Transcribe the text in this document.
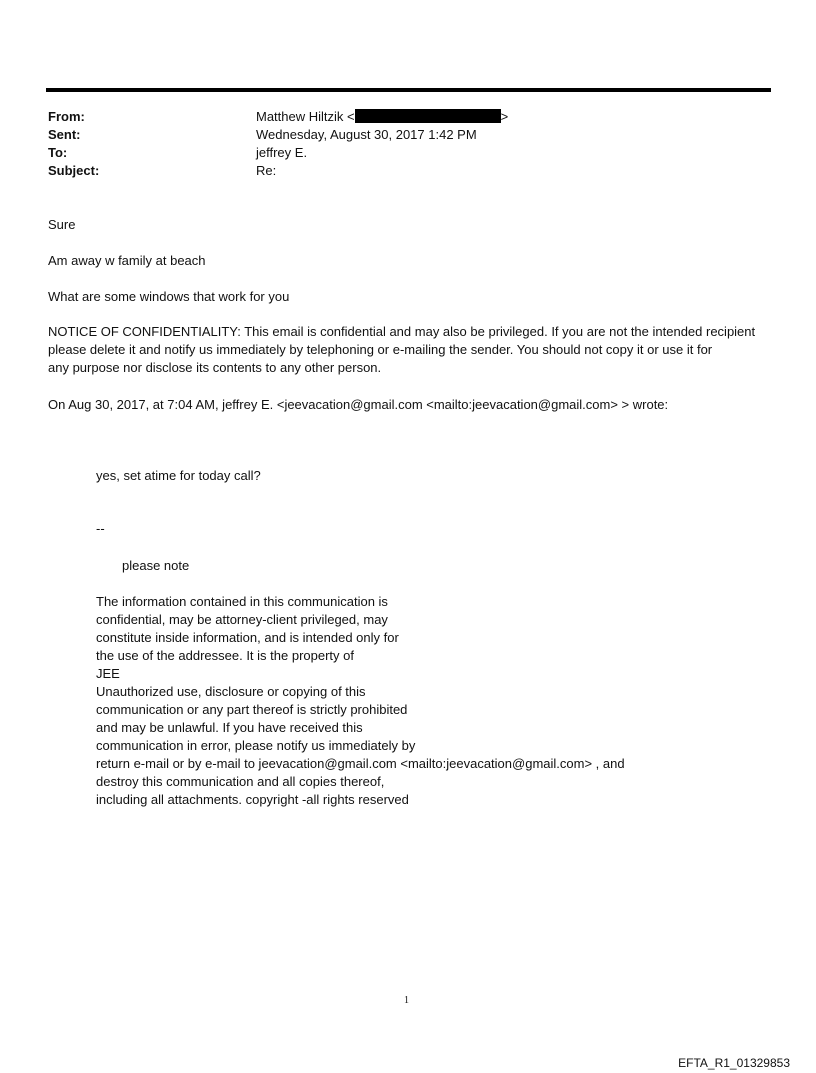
From:	Matthew Hiltzik <	>
Sent:	Wednesday, August 30, 2017 1:42 PM
To:	jeffrey E.
Subject:	Re:
Sure
Am away w family at beach
What are some windows that work for you
NOTICE OF CONFIDENTIALITY: This email is confidential and may also be privileged. If you are not the intended recipient
please delete it and notify us immediately by telephoning or e-mailing the sender. You should not copy it or use it for
any purpose nor disclose its contents to any other person.
On Aug 30, 2017, at 7:04 AM, jeffrey E. <jeevacation@gmail.com <mailto:jeevacation@gmail.com> > wrote:
yes, set atime for today call?
--
please note
The information contained in this communication is
confidential, may be attorney-client privileged, may
constitute inside information, and is intended only for
the use of the addressee. It is the property of
JEE
Unauthorized use, disclosure or copying of this
communication or any part thereof is strictly prohibited
and may be unlawful. If you have received this
communication in error, please notify us immediately by
return e-mail or by e-mail to jeevacation@gmail.com <mailto:jeevacation@gmail.com> , and
destroy this communication and all copies thereof,
including all attachments. copyright -all rights reserved
1
EFTA_R1_01329853
